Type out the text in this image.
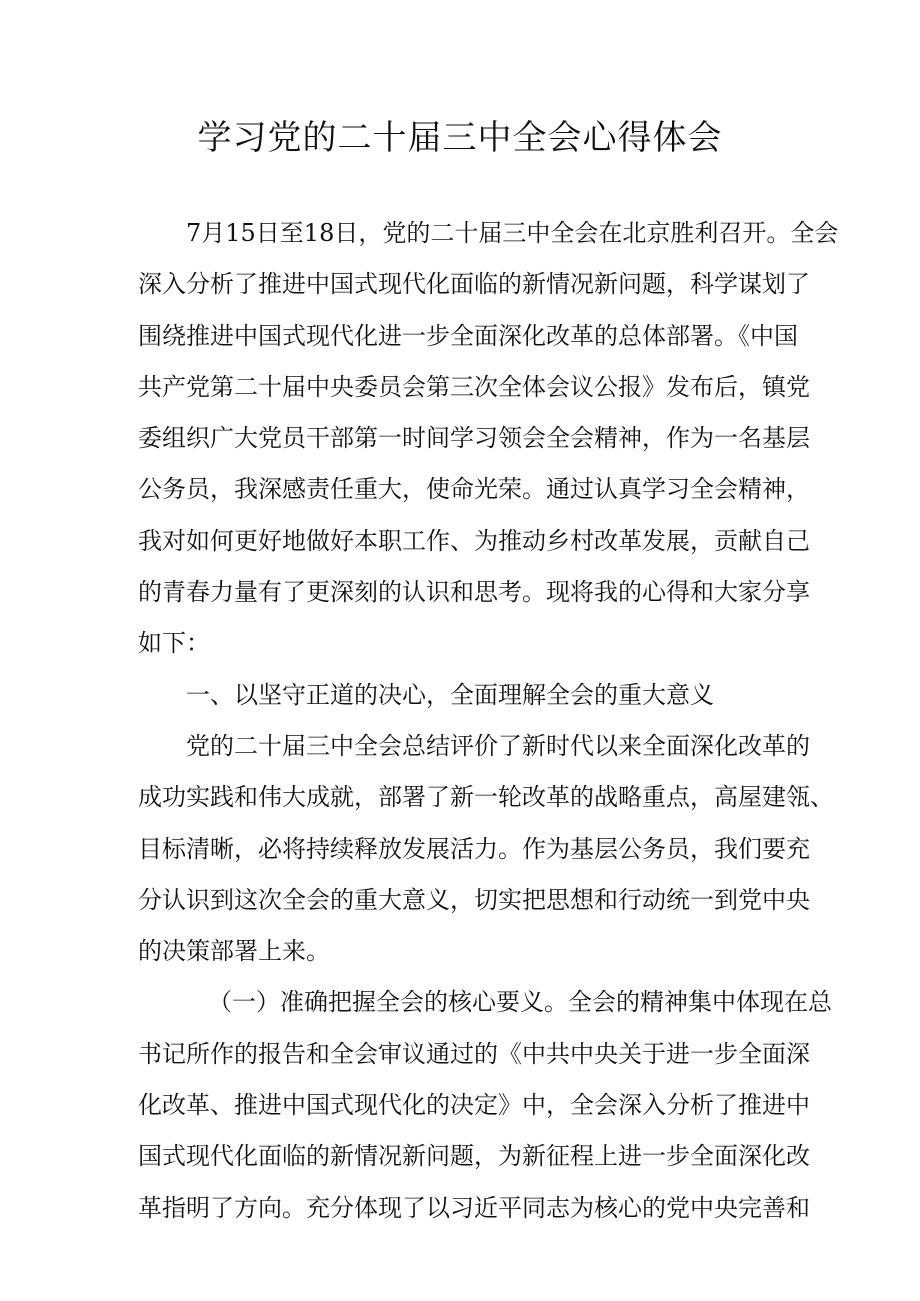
学习党的二十届三中全会心得体会
7月15日至18日，党的二十届三中全会在北京胜利召开。全会
深入分析了推进中国式现代化面临的新情况新问题，科学谋划了
围绕推进中国式现代化进一步全面深化改革的总体部署。《中国
共产党第二十届中央委员会第三次全体会议公报》发布后，镇党
委组织广大党员干部第一时间学习领会全会精神，作为一名基层
公务员，我深感责任重大，使命光荣。通过认真学习全会精神，
我对如何更好地做好本职工作、为推动乡村改革发展，贡献自己
的青春力量有了更深刻的认识和思考。现将我的心得和大家分享
如下：
一、以坚守正道的决心，全面理解全会的重大意义
党的二十届三中全会总结评价了新时代以来全面深化改革的
成功实践和伟大成就，部署了新一轮改革的战略重点，高屋建瓴、
目标清晰，必将持续释放发展活力。作为基层公务员，我们要充
分认识到这次全会的重大意义，切实把思想和行动统一到党中央
的决策部署上来。
（一）准确把握全会的核心要义。全会的精神集中体现在总
书记所作的报告和全会审议通过的《中共中央关于进一步全面深
化改革、推进中国式现代化的决定》中，全会深入分析了推进中
国式现代化面临的新情况新问题，为新征程上进一步全面深化改
革指明了方向。充分体现了以习近平同志为核心的党中央完善和
